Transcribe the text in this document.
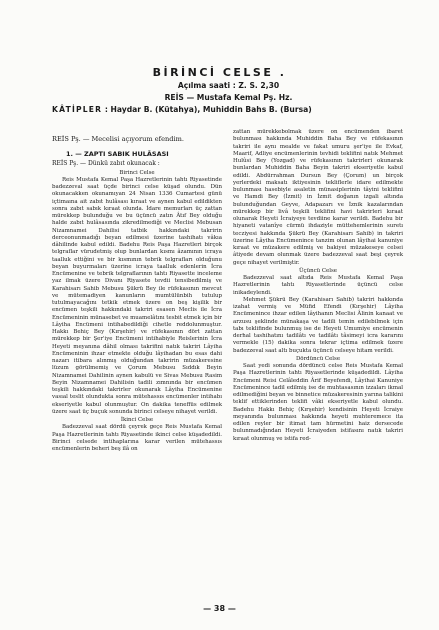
BİRİNCİ CELSE .
Açılma saati : Z. S. 2,30
REİS — Mustafa Kemal Pş. Hz.
KÂTİPLER : Haydar B. (Kütahya), Muhiddin Bahs B. (Bursa)
REİS Pş. — Mecelisi açıyorum efendim.
1. — ZAPTI SABIK HULÂSASI
REİS Pş. — Dünkü zabıt okunacak :
Birinci Celse
Reis Mustafa Kemal Paşa Hazretlerinin tahtı Riyasetinde badezzeval saat üçde birinci celse küşad olundu. Dün okunacakken okunamıyan 24 Nisan 1336 Cumartesi günü içtimaına ait zabıt hulâsası kıraat ve aynen kabul edildikten sonra zabıt sabık kıraat olunda. İdare memurları üç zattan mürekkep bulunduğu ve bu üçüncü zatın Âtıf Bey olduğu halde zabıt hulâsasında zikredilmediği ve Meclisi Mebusan Nizamnamei Dahilisi tatbik hakkındaki takririn derceonunmadığı beyan edilmesi üzerine tashihatı vâkıa dâhilinde kabul edildi. Badehu Reis Paşa Hazretleri birçok telgraflar vürudetmiş olup bunlardan kısmı âzamının icraya taalluk ettiğini ve bir kısmının tebrik telgrafları olduğunu beyan buyurmaları üzerine icraya taalluk edenlerin İcra Encümenine ve tebrik telgraflarının tahtı Riyasette inceleme yaz ilmak üzere Divanı Riyasete tevdii tensibedilmiş ve Karahisarı Sahib Mebusu Şükrü Bey ile rüfekasının mevcut ve mütemadiyen kanunların mumtülünbih tutulup tutulmayacağını tetkik etmek üzere on beş kişilik bir encümen teşkili hakkındaki takriri esasen Meclis ile İcra Encümeninin münasebet ve muamelâtını tesbit etmek için bir Lâyiha Encümeni intihabedildiği cihetle reddolunmuştur. Hakkı Behiç Bey (Kırşehir) ve rüfekasının dört zattan mürekkep bir Şer'iye Encümeni intihabiyle Reislerinin İcra Heyeti meyanına dâhil olması takrifini natık takriri Lâyiha Encümeninin ihzar etmekte olduğu lâyihadan bu esas dahi nazarı itibara alınmış olduğundan takririn müzakeresine lüzum görülmemiş ve Çorum Mebusu Sıddık Beyin Nizamnamei Dahilinin aynen kabulü ve Sivas Mebusu Rasim Beyin Nizamnamei Dahilisin tadili zımnında bir encümen teşkili hakkındaki takrirler okunarak Lâyiha Encümenine vasıal teslit olundukta sonra mütehassıs encümenler intihabı ekseriyetle kabul olunmuştur. On dakika teneffüs edilmek üzere saat üç buçuk sonunda birinci celseye nihayet verildi.
İkinci Celse
Badezzeval saat dördü çeyrek geçe Reis Mustafa Kemal Paşa Hazretlerinin tahtı Riyasetinde ikinci celse küşadedildi. Birinci celsede intihaplarına karar verilen mütehassıs encümenlerin beheri beş ilâ on
zattan mürekkebolmak üzere on encümenden ibaret bulunması hakkında Muhiddin Baha Bey ve rüfekasının takriri ile aynı mealde ve fakat umuru şer'iye ile Evkaf, Maarif, Adliye encümenlerinin tevhidi teklifini natık Mehmet Hulûsi Bey (Yozgad) ve rüfekasının takrirleri okunarak bunlardan Muhiddin Baha Beyin takriri ekseriyetle kabul edildi. Abdürrahman Dursun Bey (Çorum) un birçok yerlerdeki maksatı iktiyesinin tekliflerle idare edilmekte bulunması hasebiyle asaletin münasiplerinin tâyini teklifini ve Hamdi Bey (İzmit) in İzmit doğanın izgali altında bulunduğundan Geyve, Adapazarı ve İznik kazalarından mürekkep bir livâ teşkili teklifini havi takrirleri kıraat olunarak Heyeti İcraiyeye tevdiine karar verildi. Badehu bir hiyaneti vatanîye cürmü ihdaziyle müttehemlerinin suretı tecziyesi hakkında Şükrü Bey (Karahisarı Sahib) in takriri üzerine Lâyiha Encümenince tanzim olunan lâyihai kanuniye kıraat ve müzakere edilmiş ve bakiyei müzakeseye celsei âtiyede devam olunmak üzere badezzeval saat beşi çeyrek geçe nihayet verilmiştir.
Üçüncü Celse
Badezzeval saat altıda Reis Mustafa Kemal Paşa Hazretlerinin tahtı Riyasetlerinde üçüncü celse inikadeylendi.
Mehmet Şükrü Bey (Karahisarı Sahib) takriri hakkında izahat vermiş ve Müfid Efendi (Kırşehir) Lâyiha Encümenince ihzar edilen lâyihanın Meclisi Âlinin kanaat ve arzusu şeklinde münakaşa ve tadili temin edilebilmek için tabı teklifinde bulunmuş ise de Heyeti Umumiye encümenin derhal tashihatını tadilâtı ve tadilâtı tâsimeyi icra kararını vermekle (15) dakika sonra tekrar içtima edilmek üzere badezzeval saat altı buçukta üçüncü celseye hitam verildi.
Dördüncü Celse
Saat yedi sonunda dördüncü celse Reis Mustafa Kemal Paşa Hazretlerinin tahtı Riyasetlerinde küşadedildi. Lâyiha Encümeni Reisi Celâleddin Ârif Beyefendi, Lâyihai Kanuniye Encümenince tadil edilmiş ise de muhtasasının izzaları ikmal edilmediğini beyan ve binnetice müzakeresinin yarına talikini teklif ettiklerinden teklifi vâki ekseriyetle kabul olundu. Badehu Hakkı Behiç (Kırşehir) kendisinin Heyeti İcraiye meyanında bulunması hakkında heyeti muhteremece ita edilen reyler bir itimat tam hürmetini haiz dersecede bulunmadığından Heyeti İcraiyeden istifasını natık takriri kıraat olunmuş ve istifa red-
— 38 —
